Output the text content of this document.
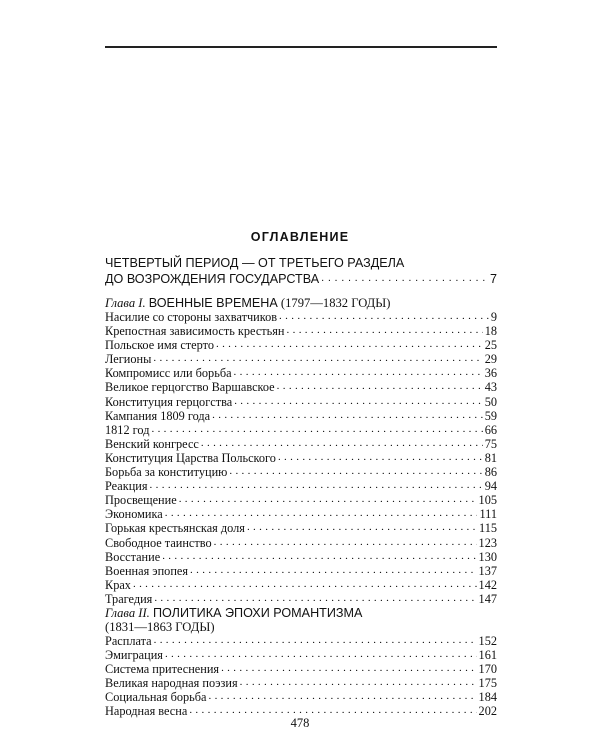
ОГЛАВЛЕНИЕ
ЧЕТВЕРТЫЙ ПЕРИОД — ОТ ТРЕТЬЕГО РАЗДЕЛА
ДО ВОЗРОЖДЕНИЯ ГОСУДАРСТВА . . .	7
Глава I. ВОЕННЫЕ ВРЕМЕНА (1797—1832 ГОДЫ)
Насилие со стороны захватчиков . . .	9
Крепостная зависимость крестьян . . .	18
Польское имя стерто . . .	25
Легионы . . .	29
Компромисс или борьба . . .	36
Великое герцогство Варшавское . . .	43
Конституция герцогства . . .	50
Кампания 1809 года . . .	59
1812 год . . .	66
Венский конгресс . . .	75
Конституция Царства Польского . . .	81
Борьба за конституцию . . .	86
Реакция . . .	94
Просвещение . . .	105
Экономика . . .	111
Горькая крестьянская доля . . .	115
Свободное таинство . . .	123
Восстание . . .	130
Военная эпопея . . .	137
Крах . . .	142
Трагедия . . .	147
Глава II. ПОЛИТИКА ЭПОХИ РОМАНТИЗМА
(1831—1863 ГОДЫ)
Расплата . . .	152
Эмиграция . . .	161
Система притеснения . . .	170
Великая народная поэзия . . .	175
Социальная борьба . . .	184
Народная весна . . .	202
478
